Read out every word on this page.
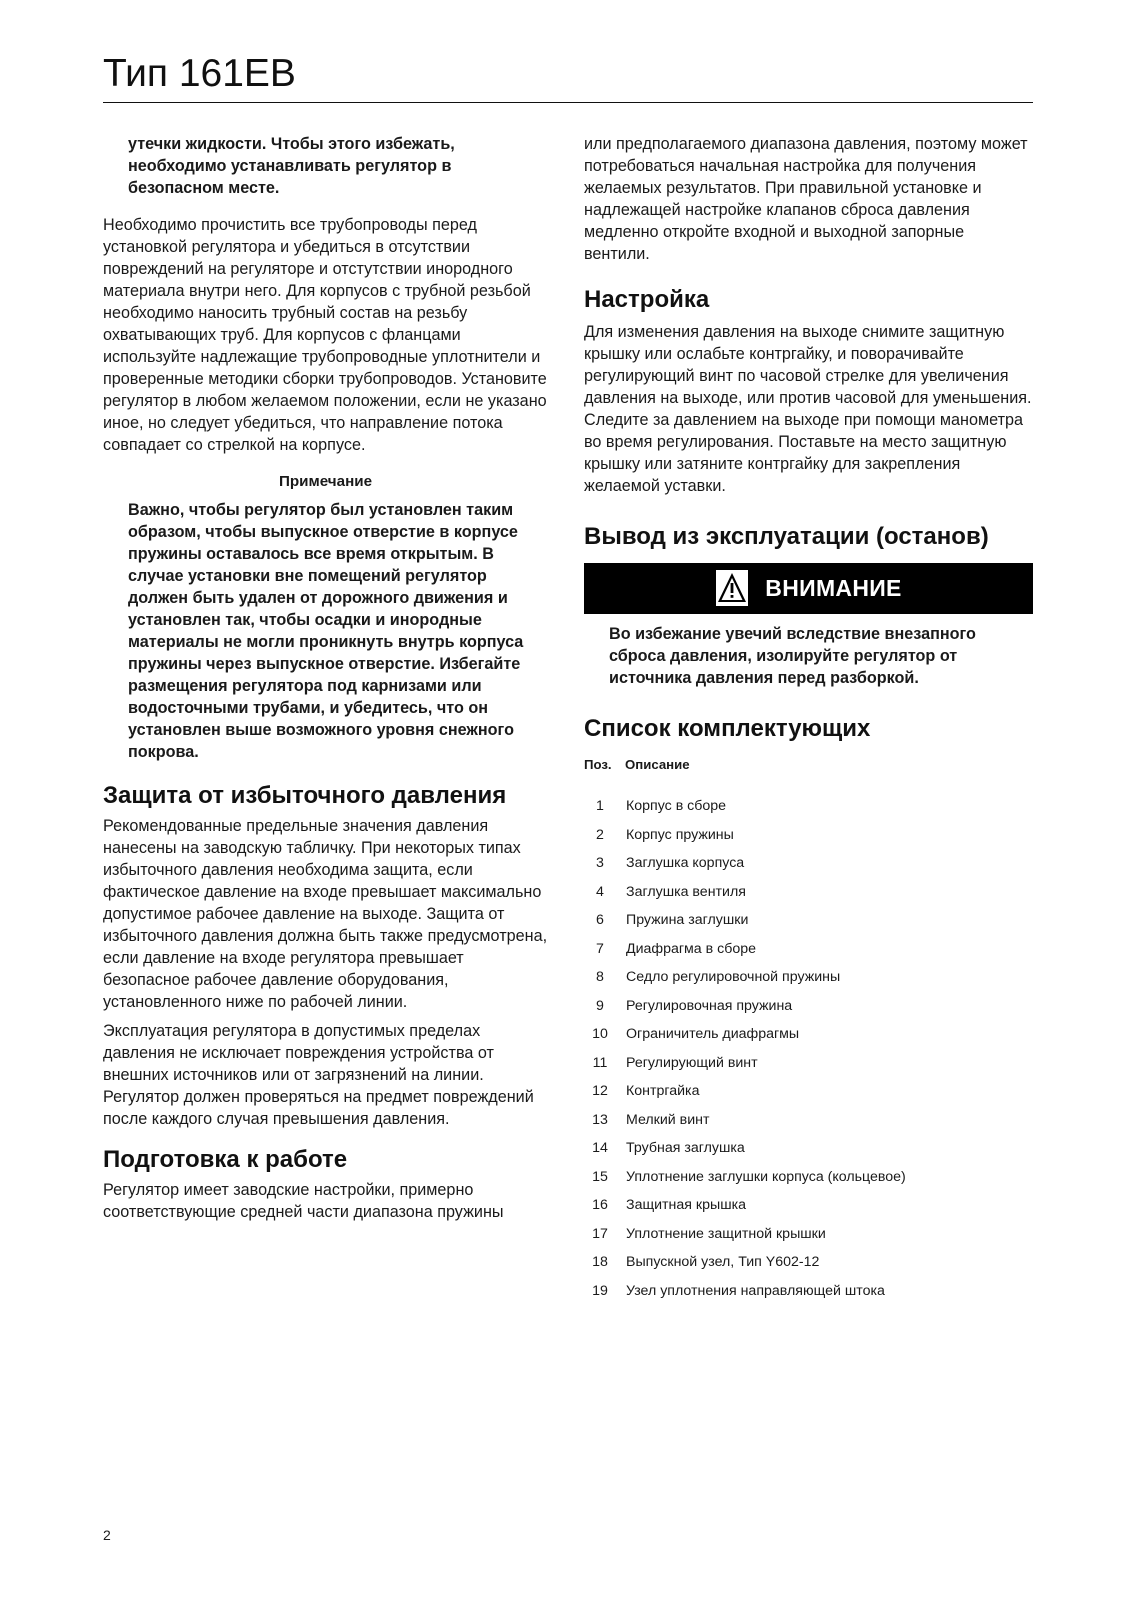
Тип 161EB

утечки жидкости. Чтобы этого избежать, необходимо устанавливать регулятор в безопасном месте.

Необходимо прочистить все трубопроводы перед установкой регулятора и убедиться в отсутствии повреждений на регуляторе и отстутствии инородного материала внутри него. Для корпусов с трубной резьбой необходимо наносить трубный состав на резьбу охватывающих труб. Для корпусов с фланцами используйте надлежащие трубопроводные уплотнители и проверенные методики сборки трубопроводов. Установите регулятор в любом желаемом положении, если не указано иное, но следует убедиться, что направление потока совпадает со стрелкой на корпусе.

Примечание

Важно, чтобы регулятор был установлен таким образом, чтобы выпускное отверстие в корпусе пружины оставалось все время открытым. В случае установки вне помещений регулятор должен быть удален от дорожного движения и установлен так, чтобы осадки и инородные материалы не могли проникнуть внутрь корпуса пружины через выпускное отверстие. Избегайте размещения регулятора под карнизами или водосточными трубами, и убедитесь, что он установлен выше возможного уровня снежного покрова.

Защита от избыточного давления

Рекомендованные предельные значения давления нанесены на заводскую табличку. При некоторых типах избыточного давления необходима защита, если фактическое давление на входе превышает максимально допустимое рабочее давление на выходе. Защита от избыточного давления должна быть также предусмотрена, если давление на входе регулятора превышает безопасное рабочее давление оборудования, установленного ниже по рабочей линии.

Эксплуатация регулятора в допустимых пределах давления не исключает повреждения устройства от внешних источников или от загрязнений на линии. Регулятор должен проверяться на предмет повреждений после каждого случая превышения давления.

Подготовка к работе

Регулятор имеет заводские настройки, примерно соответствующие средней части диапазона пружины

или предполагаемого диапазона давления, поэтому может потребоваться начальная настройка для получения желаемых результатов. При правильной установке и надлежащей настройке клапанов сброса давления медленно откройте входной и выходной запорные вентили.

Настройка

Для изменения давления на выходе снимите защитную крышку или ослабьте контргайку, и поворачивайте регулирующий винт по часовой стрелке для увеличения давления на выходе, или против часовой для уменьшения. Следите за давлением на выходе при помощи манометра во время регулирования. Поставьте на место защитную крышку или затяните контргайку для закрепления желаемой уставки.

Вывод из эксплуатации (останов)
ВНИМАНИЕ

Во избежание увечий вследствие внезапного сброса давления, изолируйте регулятор от источника давления перед разборкой.

Список комплектующих
Поз.	Описание
1	Корпус в сборе
2	Корпус пружины
3	Заглушка корпуса
4	Заглушка вентиля
6	Пружина заглушки
7	Диафрагма в сборе
8	Седло регулировочной пружины
9	Регулировочная пружина
10	Ограничитель диафрагмы
11	Регулирующий винт
12	Контргайка
13	Мелкий винт
14	Трубная заглушка
15	Уплотнение заглушки корпуса (кольцевое)
16	Защитная крышка
17	Уплотнение защитной крышки
18	Выпускной узел, Тип Y602-12
19	Узел уплотнения направляющей штока
2
